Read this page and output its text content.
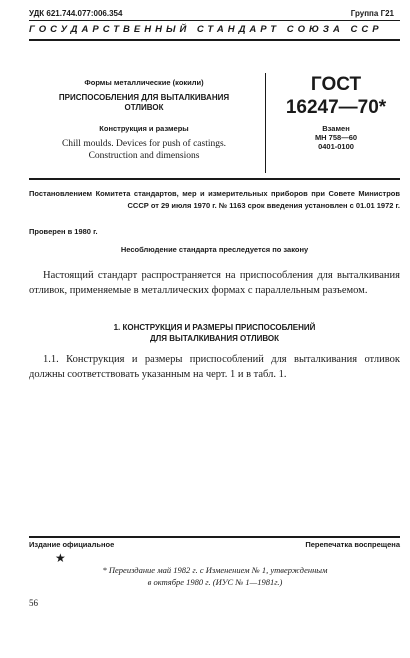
УДК 621.744.077:006.354	Группа Г21
ГОСУДАРСТВЕННЫЙ СТАНДАРТ СОЮЗА ССР
Формы металлические (кокили)
ПРИСПОСОБЛЕНИЯ ДЛЯ ВЫТАЛКИВАНИЯ
ОТЛИВОК
Конструкция и размеры
Chill moulds. Devices for push of castings.
Construction and dimensions
ГОСТ
16247—70*
Взамен
МН 758—60
0401-0100
Постановлением Комитета стандартов, мер и измерительных приборов при Совете Министров СССР от 29 июля 1970 г. № 1163 срок введения установлен с 01.01 1972 г.
Проверен в 1980 г.
Несоблюдение стандарта преследуется по закону
Настоящий стандарт распространяется на приспособления для выталкивания отливок, применяемые в металлических формах с параллельным разъемом.
1. КОНСТРУКЦИЯ И РАЗМЕРЫ ПРИСПОСОБЛЕНИЙ
ДЛЯ ВЫТАЛКИВАНИЯ ОТЛИВОК
1.1. Конструкция и размеры приспособлений для выталкивания отливок должны соответствовать указанным на черт. 1 и в табл. 1.
Издание официальное	Перепечатка воспрещена
★
* Переиздание май 1982 г. с Изменением № 1, утвержденным
в октябре 1980 г. (ИУС № 1—1981г.)
56
